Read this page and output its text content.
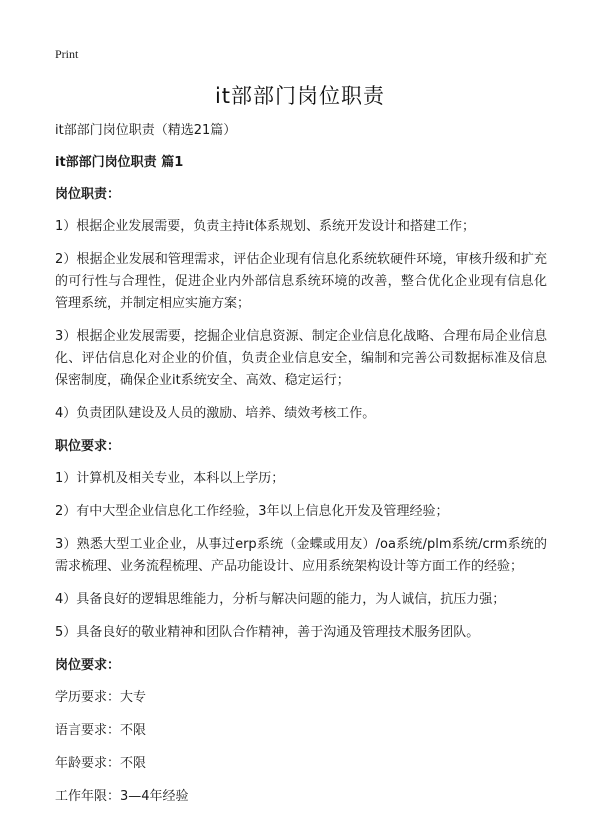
Print
it部部门岗位职责

it部部门岗位职责（精选21篇）

it部部门岗位职责 篇1

岗位职责：

1）根据企业发展需要，负责主持it体系规划、系统开发设计和搭建工作；

2）根据企业发展和管理需求，评估企业现有信息化系统软硬件环境，审核升级和扩充的可行性与合理性，促进企业内外部信息系统环境的改善，整合优化企业现有信息化管理系统，并制定相应实施方案；

3）根据企业发展需要，挖掘企业信息资源、制定企业信息化战略、合理布局企业信息化、评估信息化对企业的价值，负责企业信息安全，编制和完善公司数据标准及信息保密制度，确保企业it系统安全、高效、稳定运行；

4）负责团队建设及人员的激励、培养、绩效考核工作。

职位要求：

1）计算机及相关专业，本科以上学历；

2）有中大型企业信息化工作经验，3年以上信息化开发及管理经验；

3）熟悉大型工业企业，从事过erp系统（金蝶或用友）/oa系统/plm系统/crm系统的需求梳理、业务流程梳理、产品功能设计、应用系统架构设计等方面工作的经验；

4）具备良好的逻辑思维能力，分析与解决问题的能力，为人诚信，抗压力强；

5）具备良好的敬业精神和团队合作精神，善于沟通及管理技术服务团队。

岗位要求：

学历要求：大专

语言要求：不限

年龄要求：不限

工作年限：3—4年经验
